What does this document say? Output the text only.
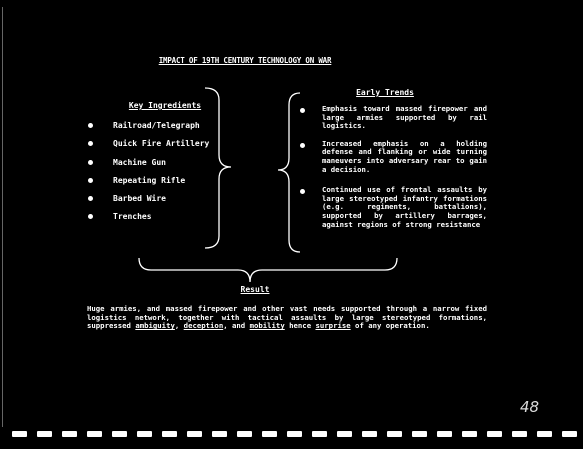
IMPACT OF 19TH CENTURY TECHNOLOGY ON WAR
Key Ingredients
Railroad/Telegraph
Quick Fire Artillery
Machine Gun
Repeating Rifle
Barbed Wire
Trenches
Early Trends

Emphasis toward massed firepower and large armies supported by rail logistics.

Increased emphasis on a holding defense and flanking or wide turning maneuvers into adversary rear to gain a decision.

Continued use of frontal assaults by large stereotyped infantry formations (e.g. regiments, battalions), supported by artillery barrages, against regions of strong resistance

Result

Huge armies, and massed firepower and other vast needs supported through a narrow fixed logistics network, together with tactical assaults by large stereotyped formations, suppressed ambiguity, deception, and mobility hence surprise of any operation.

48
